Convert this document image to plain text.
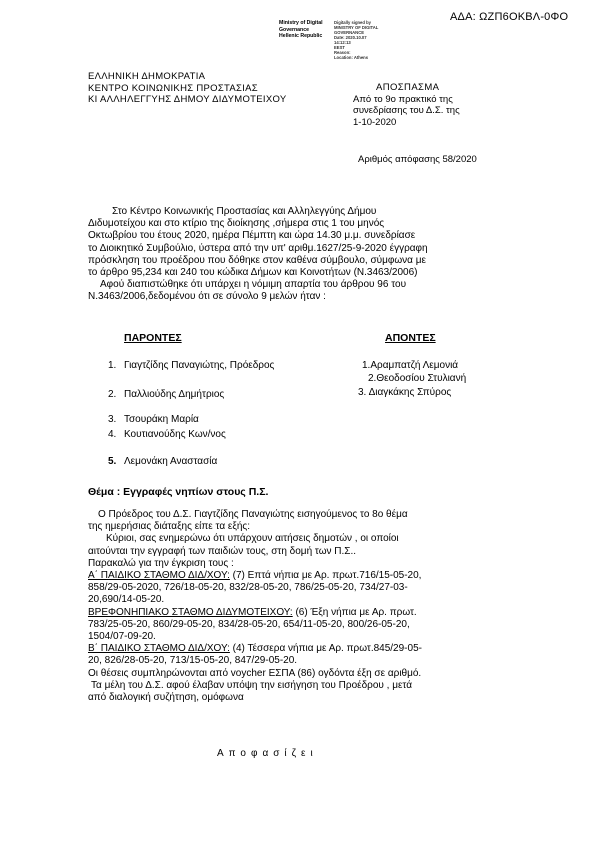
ΑΔΑ: ΩΖΠ6ΟΚΒΛ-0ΦΟ
Ministry of Digital
Governance
Hellenic Republic
Digitally signed by
MINISTRY OF DIGITAL
GOVERNANCE
Date: 2020.10.07
14:12:13
EEST
Reason:
Location: Athens
ΕΛΛΗΝΙΚΗ ΔΗΜΟΚΡΑΤΙΑ
ΚΕΝΤΡΟ ΚΟΙΝΩΝΙΚΗΣ ΠΡΟΣΤΑΣΙΑΣ
ΚΙ ΑΛΛΗΛΕΓΓΥΗΣ ΔΗΜΟΥ ΔΙΔΥΜΟΤΕΙΧΟΥ
ΑΠΟΣΠΑΣΜΑ
Από το 9ο πρακτικό της
συνεδρίασης του Δ.Σ. της
1-10-2020
Αριθμός απόφασης 58/2020
Στο Κέντρο Κοινωνικής Προστασίας και Αλληλεγγύης Δήμου
Διδυμοτείχου και στο κτίριο της διοίκησης ,σήμερα στις 1 του μηνός
Οκτωβρίου του έτους 2020, ημέρα Πέμπτη και ώρα 14.30 μ.μ. συνεδρίασε
το Διοικητικό Συμβούλιο, ύστερα από την υπ' αριθμ.1627/25-9-2020 έγγραφη
πρόσκληση του προέδρου που δόθηκε στον καθένα σύμβουλο, σύμφωνα με
το άρθρο 95,234 και 240 του κώδικα Δήμων και Κοινοτήτων (Ν.3463/2006)
Αφού διαπιστώθηκε ότι υπάρχει η νόμιμη απαρτία του άρθρου 96 του
Ν.3463/2006,δεδομένου ότι σε σύνολο 9 μελών ήταν :
ΠΑΡΟΝΤΕΣ	ΑΠΟΝΤΕΣ
1. Γιαγτζίδης Παναγιώτης, Πρόεδρος
2. Παλλιούδης Δημήτριος
3. Τσουράκη Μαρία
4. Κουτιανούδης Κων/νος
5. Λεμονάκη Αναστασία
1.Αραμπατζή Λεμονιά
2.Θεοδοσίου Στυλιανή
3. Διαγκάκης Σπύρος
Θέμα : Εγγραφές νηπίων στους Π.Σ.
Ο Πρόεδρος του Δ.Σ. Γιαγτζίδης Παναγιώτης εισηγούμενος το 8ο θέμα
της ημερήσιας διάταξης είπε τα εξής:
Κύριοι, σας ενημερώνω ότι υπάρχουν αιτήσεις δημοτών , οι οποίοι
αιτούνται την εγγραφή των παιδιών τους, στη δομή των Π.Σ..
Παρακαλώ για την έγκριση τους :
Α΄ ΠΑΙΔΙΚΟ ΣΤΑΘΜΟ ΔΙΔ/ΧΟΥ: (7) Επτά νήπια με Αρ. πρωτ.716/15-05-20,
858/29-05-2020, 726/18-05-20, 832/28-05-20, 786/25-05-20, 734/27-03-
20,690/14-05-20.
ΒΡΕΦΟΝΗΠΙΑΚΟ ΣΤΑΘΜΟ ΔΙΔΥΜΟΤΕΙΧΟΥ: (6) Έξη νήπια με Αρ. πρωτ.
783/25-05-20, 860/29-05-20, 834/28-05-20, 654/11-05-20, 800/26-05-20,
1504/07-09-20.
Β΄ ΠΑΙΔΙΚΟ ΣΤΑΘΜΟ ΔΙΔ/ΧΟΥ: (4) Τέσσερα νήπια με Αρ. πρωτ.845/29-05-
20, 826/28-05-20, 713/15-05-20, 847/29-05-20.
Οι θέσεις συμπληρώνονται από voycher ΕΣΠΑ (86) ογδόντα έξη σε αριθμό.
Τα μέλη του Δ.Σ. αφού έλαβαν υπόψη την εισήγηση του Προέδρου , μετά
από διαλογική συζήτηση, ομόφωνα
Αποφασίζει
